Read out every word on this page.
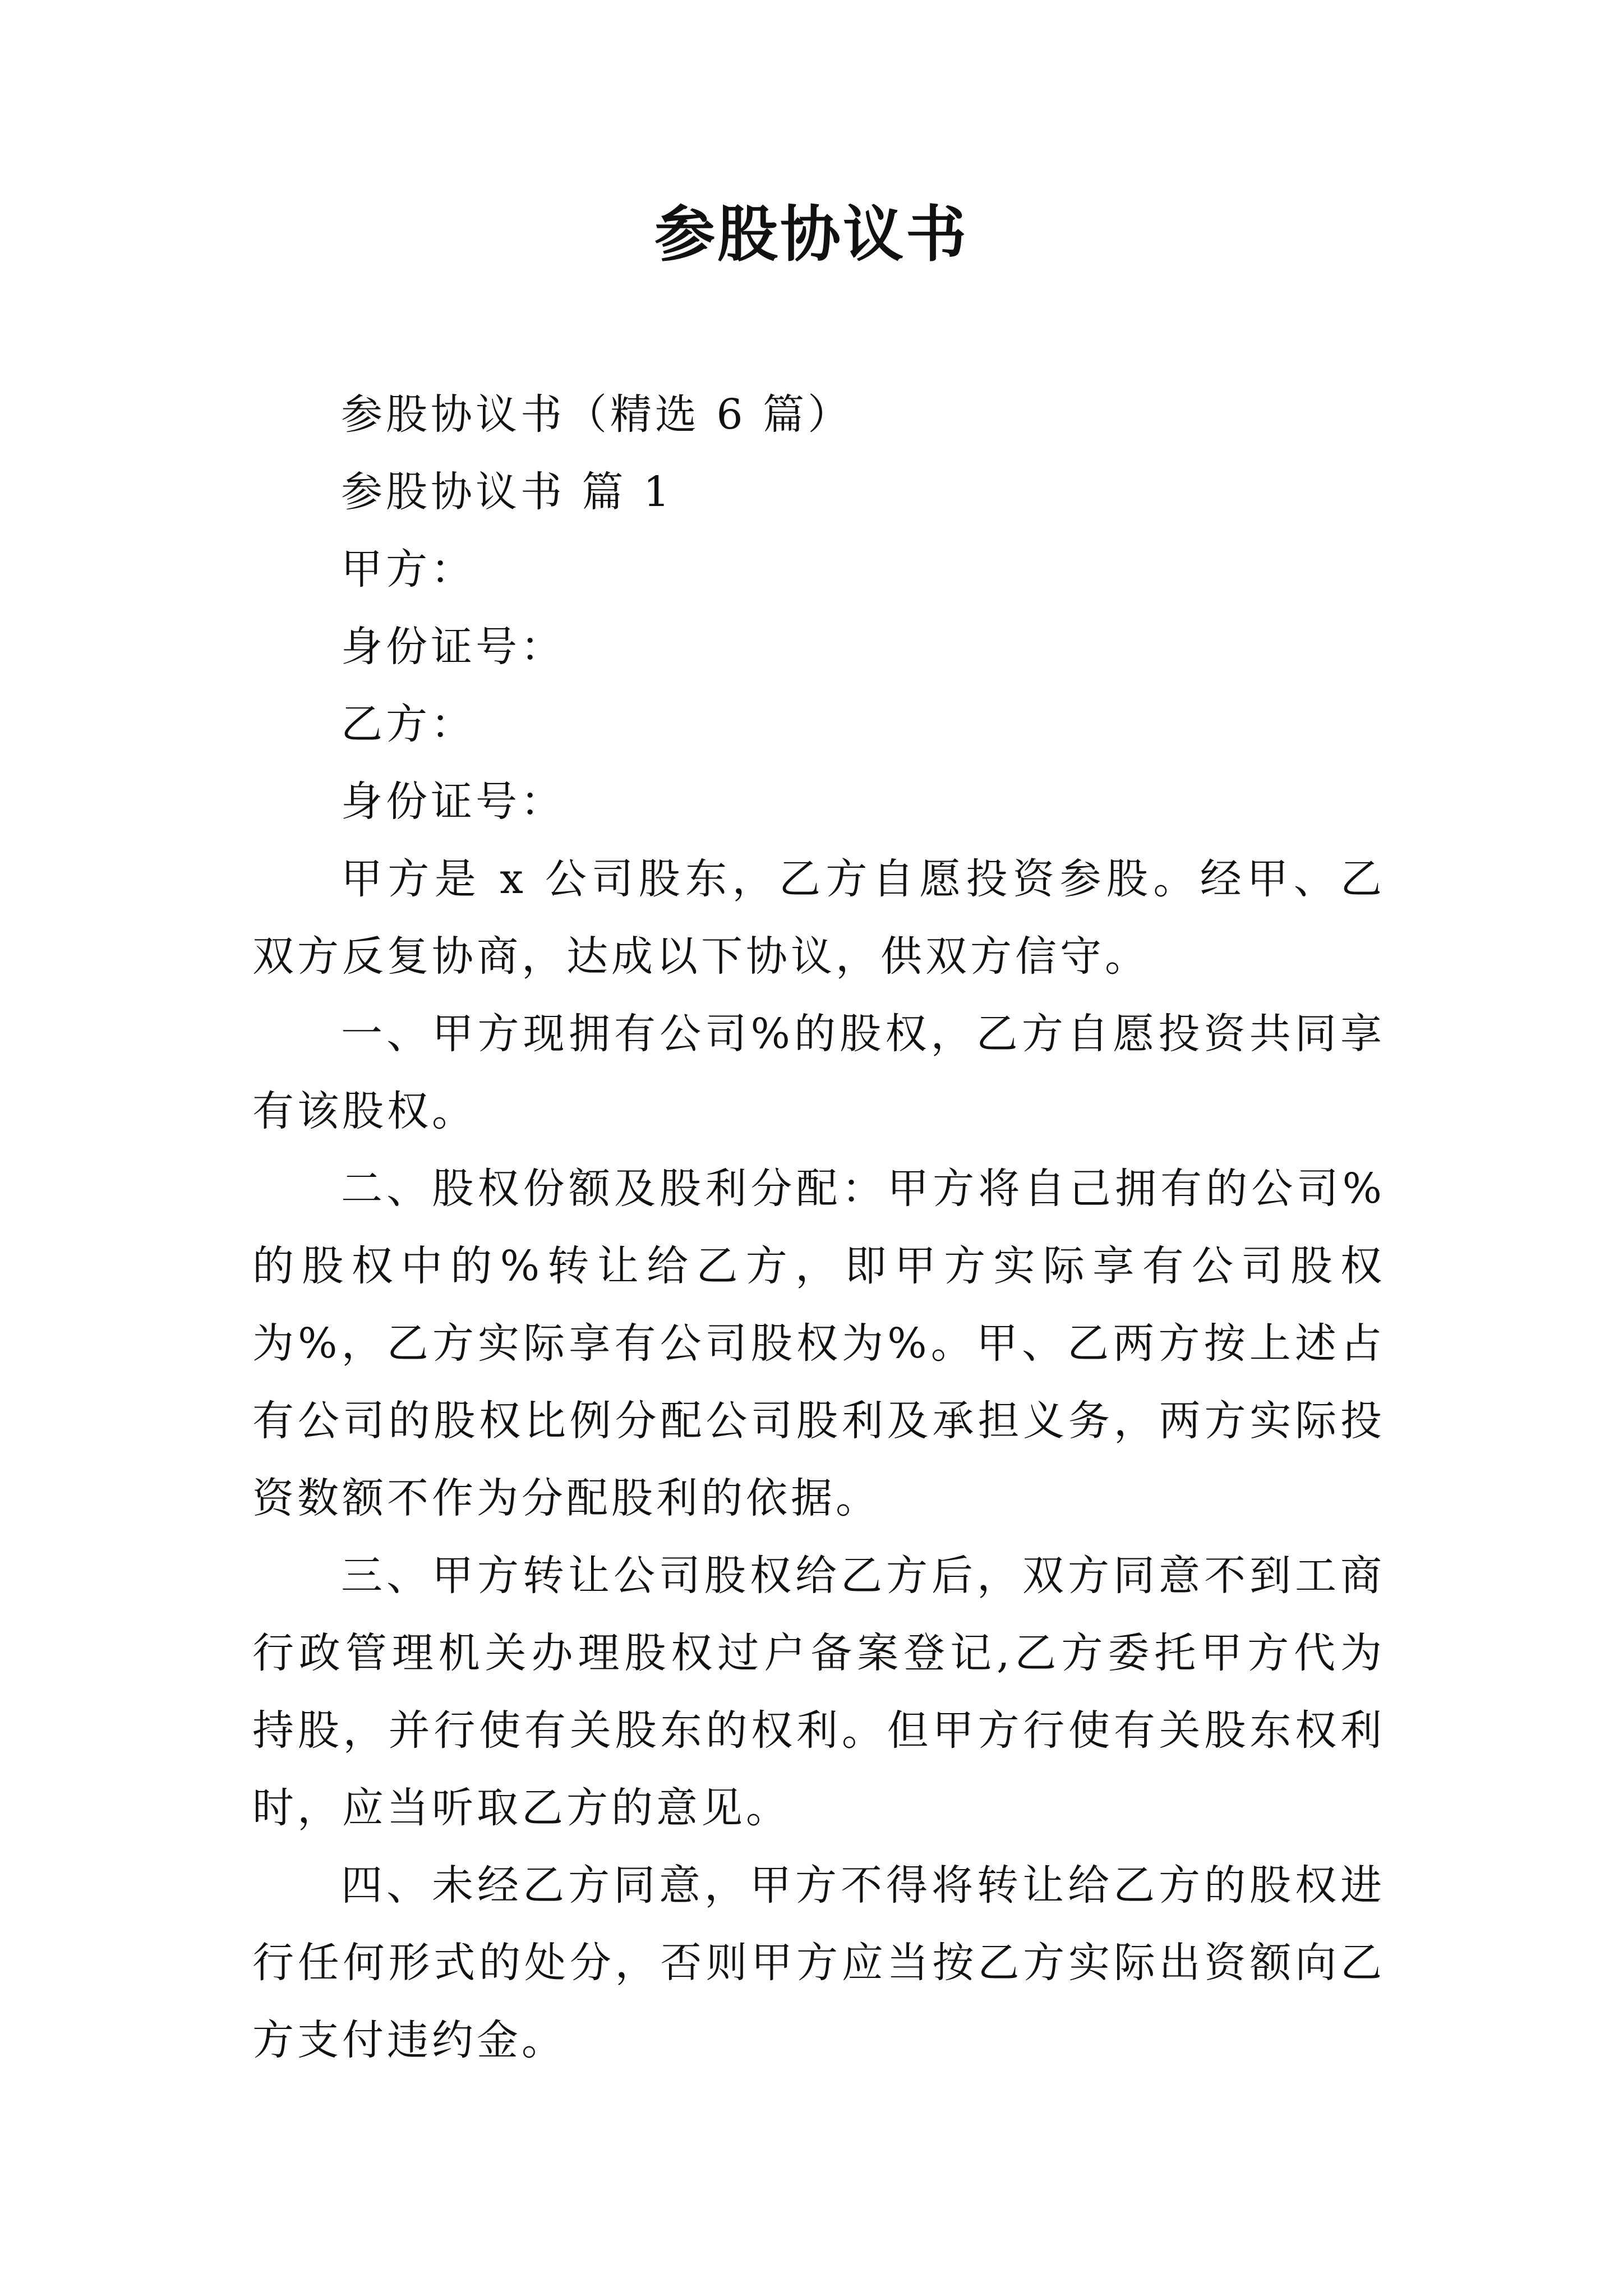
参股协议书
参股协议书（精选 6 篇）
参股协议书 篇 1
甲方：
身份证号：
乙方：
身份证号：

甲方是 x 公司股东，乙方自愿投资参股。经甲、乙双方反复协商，达成以下协议，供双方信守。

一、甲方现拥有公司%的股权，乙方自愿投资共同享有该股权。

二、股权份额及股利分配：甲方将自己拥有的公司%的股权中的%转让给乙方，即甲方实际享有公司股权为%，乙方实际享有公司股权为%。甲、乙两方按上述占有公司的股权比例分配公司股利及承担义务，两方实际投资数额不作为分配股利的依据。

三、甲方转让公司股权给乙方后，双方同意不到工商行政管理机关办理股权过户备案登记,乙方委托甲方代为持股，并行使有关股东的权利。但甲方行使有关股东权利时，应当听取乙方的意见。

四、未经乙方同意，甲方不得将转让给乙方的股权进行任何形式的处分，否则甲方应当按乙方实际出资额向乙方支付违约金。
